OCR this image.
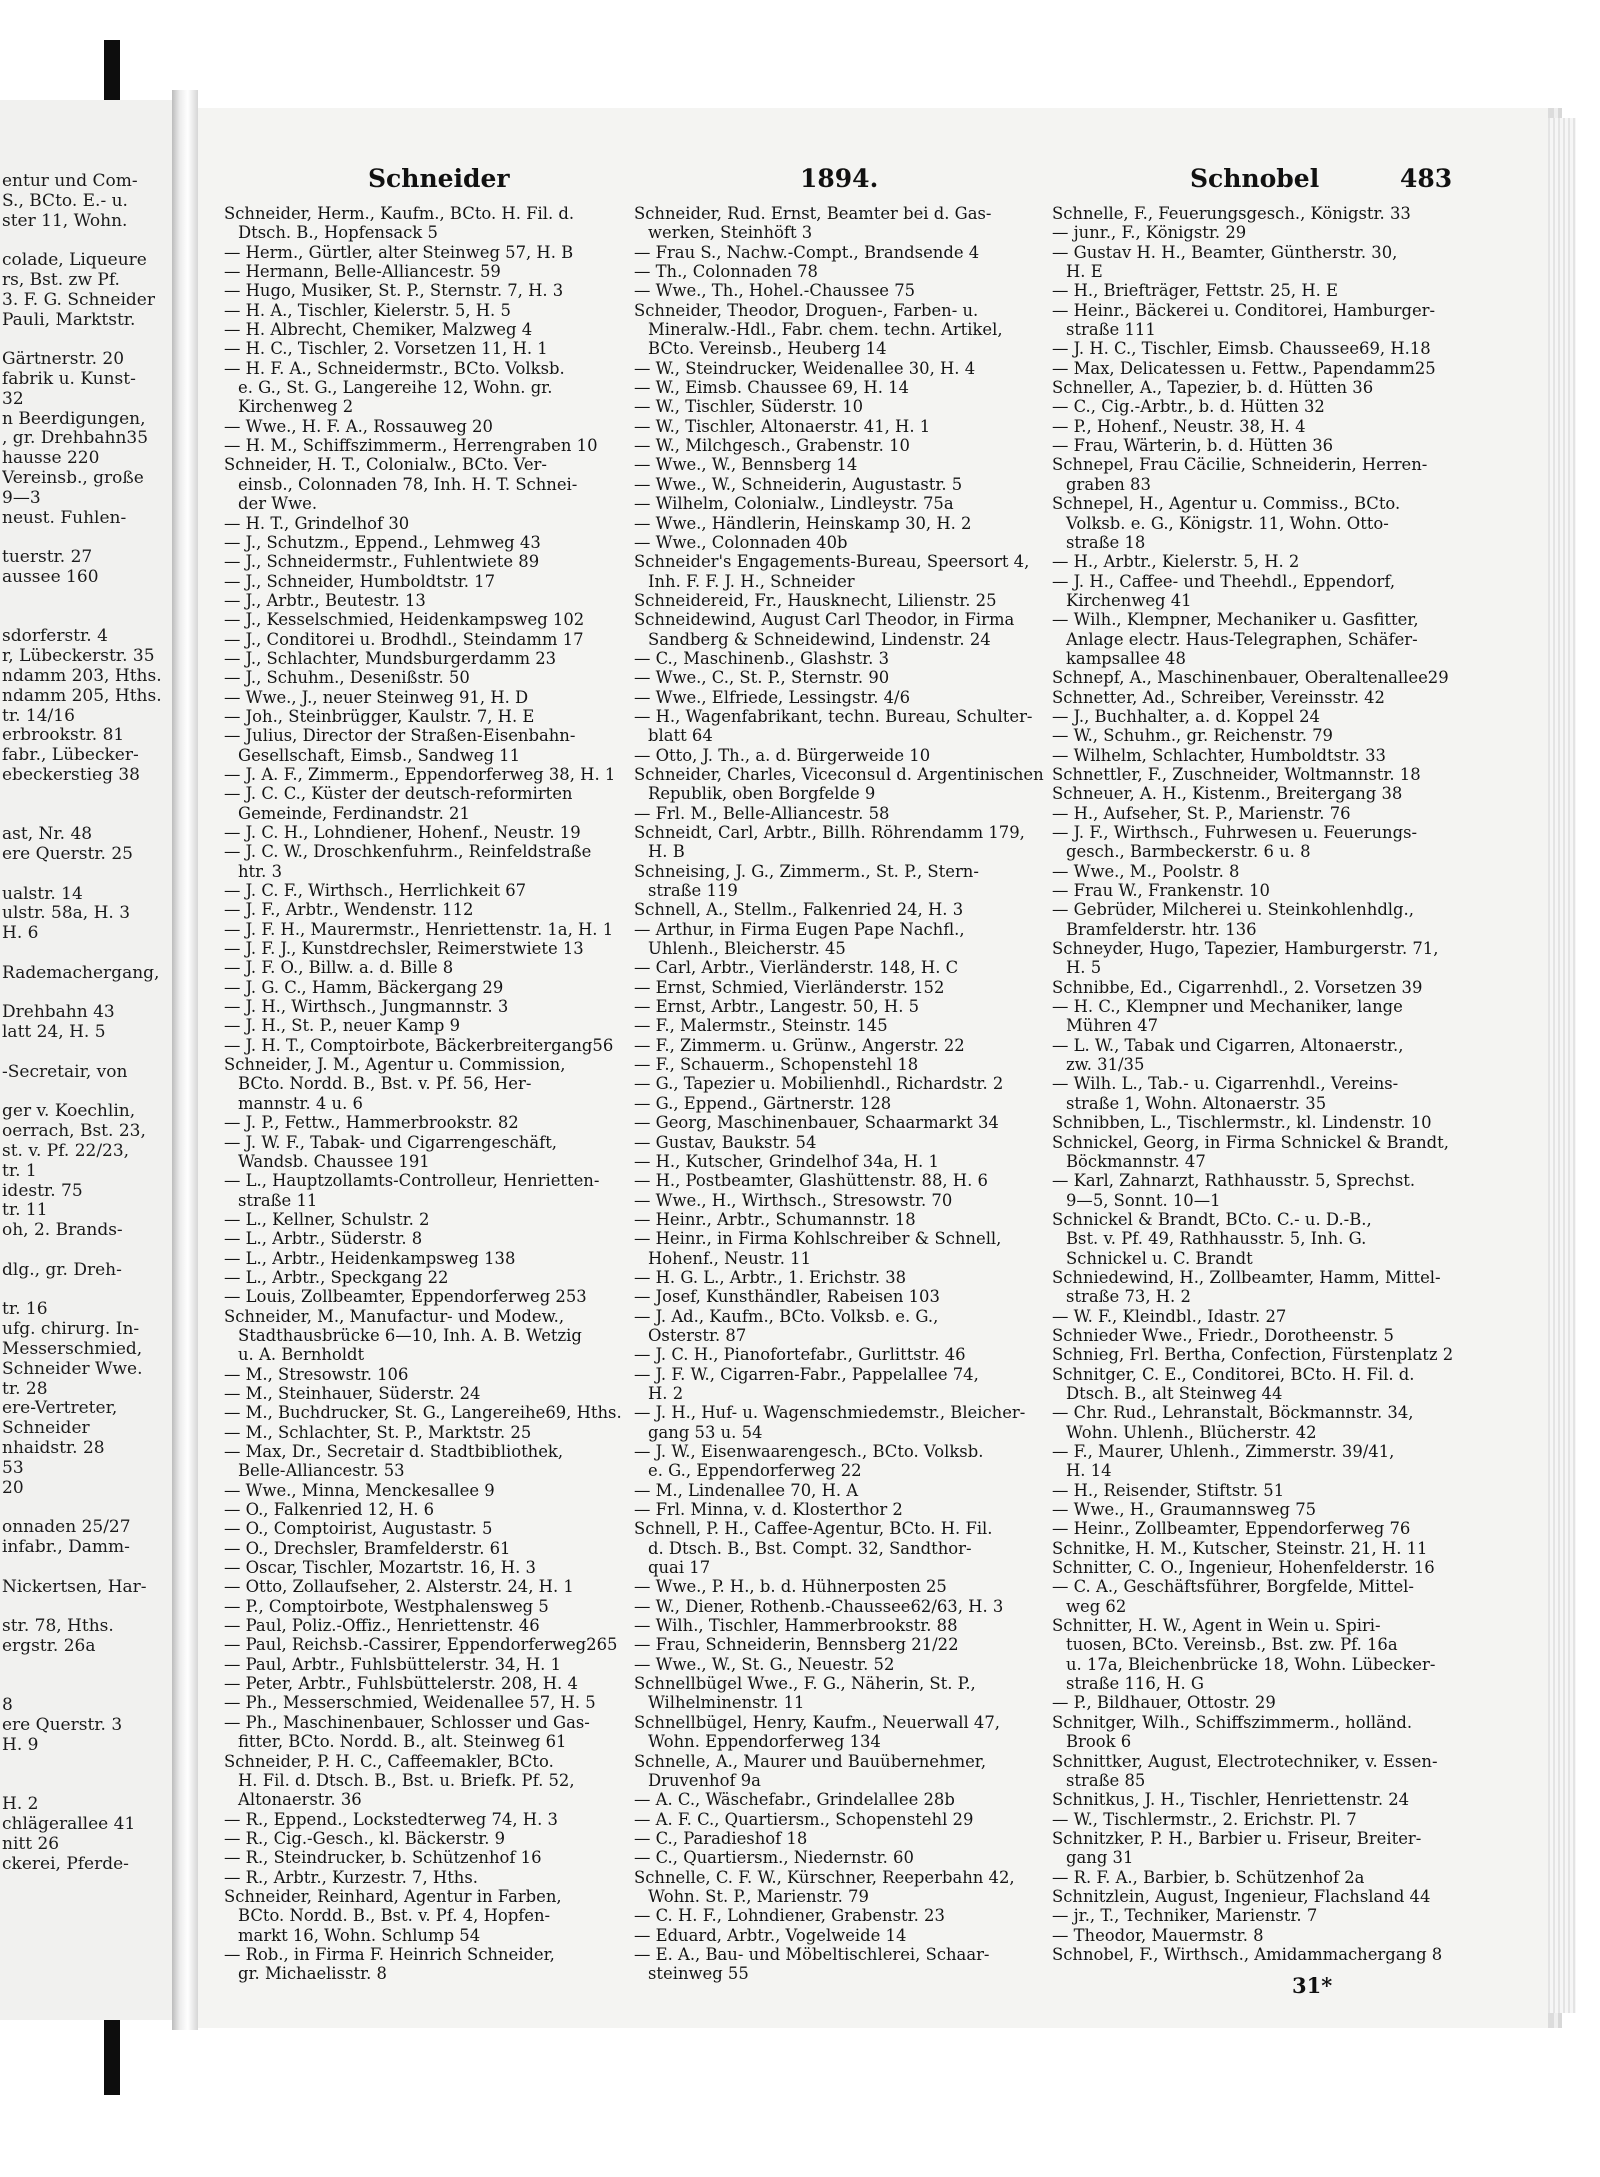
entur und Com-
S., BCto. E.- u.
ster 11, Wohn.
colade, Liqueure
rs, Bst. zw Pf.
3. F. G. Schneider
Pauli, Marktstr.
Gärtnerstr. 20
fabrik u. Kunst-
32
n Beerdigungen,
, gr. Drehbahn35
hausse 220
Vereinsb., große
9—3
neust. Fuhlen-
tuerstr. 27
aussee 160
sdorferstr. 4
r, Lübeckerstr. 35
ndamm 203, Hths.
ndamm 205, Hths.
tr. 14/16
erbrookstr. 81
fabr., Lübecker-
ebeckerstieg 38
ast, Nr. 48
ere Querstr. 25
ualstr. 14
ulstr. 58a, H. 3
H. 6
Rademachergang,
Drehbahn 43
latt 24, H. 5
-Secretair, von
ger v. Koechlin,
oerrach, Bst. 23,
st. v. Pf. 22/23,
tr. 1
idestr. 75
tr. 11
oh, 2. Brands-
dlg., gr. Dreh-
tr. 16
ufg. chirurg. In-
Messerschmied,
Schneider Wwe.
tr. 28
ere-Vertreter,
Schneider
nhaidstr. 28
53
20
onnaden 25/27
infabr., Damm-
Nickertsen, Har-
str. 78, Hths.
ergstr. 26a
8
ere Querstr. 3
H. 9
H. 2
chlägerallee 41
nitt 26
ckerei, Pferde-
Schneider	1894.	Schnobel	483
Schneider, Herm., Kaufm., BCto. H. Fil. d.
Dtsch. B., Hopfensack 5
— Herm., Gürtler, alter Steinweg 57, H. B
— Hermann, Belle-Alliancestr. 59
— Hugo, Musiker, St. P., Sternstr. 7, H. 3
— H. A., Tischler, Kielerstr. 5, H. 5
— H. Albrecht, Chemiker, Malzweg 4
— H. C., Tischler, 2. Vorsetzen 11, H. 1
— H. F. A., Schneidermstr., BCto. Volksb.
e. G., St. G., Langereihe 12, Wohn. gr.
Kirchenweg 2
— Wwe., H. F. A., Rossauweg 20
— H. M., Schiffszimmerm., Herrengraben 10
Schneider, H. T., Colonialw., BCto. Ver-
einsb., Colonnaden 78, Inh. H. T. Schnei-
der Wwe.
— H. T., Grindelhof 30
— J., Schutzm., Eppend., Lehmweg 43
— J., Schneidermstr., Fuhlentwiete 89
— J., Schneider, Humboldtstr. 17
— J., Arbtr., Beutestr. 13
— J., Kesselschmied, Heidenkampsweg 102
— J., Conditorei u. Brodhdl., Steindamm 17
— J., Schlachter, Mundsburgerdamm 23
— J., Schuhm., Desenißstr. 50
— Wwe., J., neuer Steinweg 91, H. D
— Joh., Steinbrügger, Kaulstr. 7, H. E
— Julius, Director der Straßen-Eisenbahn-
Gesellschaft, Eimsb., Sandweg 11
— J. A. F., Zimmerm., Eppendorferweg 38, H. 1
— J. C. C., Küster der deutsch-reformirten
Gemeinde, Ferdinandstr. 21
— J. C. H., Lohndiener, Hohenf., Neustr. 19
— J. C. W., Droschkenfuhrm., Reinfeldstraße
htr. 3
— J. C. F., Wirthsch., Herrlichkeit 67
— J. F., Arbtr., Wendenstr. 112
— J. F. H., Maurermstr., Henriettenstr. 1a, H. 1
— J. F. J., Kunstdrechsler, Reimerstwiete 13
— J. F. O., Billw. a. d. Bille 8
— J. G. C., Hamm, Bäckergang 29
— J. H., Wirthsch., Jungmannstr. 3
— J. H., St. P., neuer Kamp 9
— J. H. T., Comptoirbote, Bäckerbreitergang56
Schneider, J. M., Agentur u. Commission,
BCto. Nordd. B., Bst. v. Pf. 56, Her-
mannstr. 4 u. 6
— J. P., Fettw., Hammerbrookstr. 82
— J. W. F., Tabak- und Cigarrengeschäft,
Wandsb. Chaussee 191
— L., Hauptzollamts-Controlleur, Henrietten-
straße 11
— L., Kellner, Schulstr. 2
— L., Arbtr., Süderstr. 8
— L., Arbtr., Heidenkampsweg 138
— L., Arbtr., Speckgang 22
— Louis, Zollbeamter, Eppendorferweg 253
Schneider, M., Manufactur- und Modew.,
Stadthausbrücke 6—10, Inh. A. B. Wetzig
u. A. Bernholdt
— M., Stresowstr. 106
— M., Steinhauer, Süderstr. 24
— M., Buchdrucker, St. G., Langereihe69, Hths.
— M., Schlachter, St. P., Marktstr. 25
— Max, Dr., Secretair d. Stadtbibliothek,
Belle-Alliancestr. 53
— Wwe., Minna, Menckesallee 9
— O., Falkenried 12, H. 6
— O., Comptoirist, Augustastr. 5
— O., Drechsler, Bramfelderstr. 61
— Oscar, Tischler, Mozartstr. 16, H. 3
— Otto, Zollaufseher, 2. Alsterstr. 24, H. 1
— P., Comptoirbote, Westphalensweg 5
— Paul, Poliz.-Offiz., Henriettenstr. 46
— Paul, Reichsb.-Cassirer, Eppendorferweg265
— Paul, Arbtr., Fuhlsbüttelerstr. 34, H. 1
— Peter, Arbtr., Fuhlsbüttelerstr. 208, H. 4
— Ph., Messerschmied, Weidenallee 57, H. 5
— Ph., Maschinenbauer, Schlosser und Gas-
fitter, BCto. Nordd. B., alt. Steinweg 61
Schneider, P. H. C., Caffeemakler, BCto.
H. Fil. d. Dtsch. B., Bst. u. Briefk. Pf. 52,
Altonaerstr. 36
— R., Eppend., Lockstedterweg 74, H. 3
— R., Cig.-Gesch., kl. Bäckerstr. 9
— R., Steindrucker, b. Schützenhof 16
— R., Arbtr., Kurzestr. 7, Hths.
Schneider, Reinhard, Agentur in Farben,
BCto. Nordd. B., Bst. v. Pf. 4, Hopfen-
markt 16, Wohn. Schlump 54
— Rob., in Firma F. Heinrich Schneider,
gr. Michaelisstr. 8
Schneider, Rud. Ernst, Beamter bei d. Gas-
werken, Steinhöft 3
— Frau S., Nachw.-Compt., Brandsende 4
— Th., Colonnaden 78
— Wwe., Th., Hohel.-Chaussee 75
Schneider, Theodor, Droguen-, Farben- u.
Mineralw.-Hdl., Fabr. chem. techn. Artikel,
BCto. Vereinsb., Heuberg 14
— W., Steindrucker, Weidenallee 30, H. 4
— W., Eimsb. Chaussee 69, H. 14
— W., Tischler, Süderstr. 10
— W., Tischler, Altonaerstr. 41, H. 1
— W., Milchgesch., Grabenstr. 10
— Wwe., W., Bennsberg 14
— Wwe., W., Schneiderin, Augustastr. 5
— Wilhelm, Colonialw., Lindleystr. 75a
— Wwe., Händlerin, Heinskamp 30, H. 2
— Wwe., Colonnaden 40b
Schneider's Engagements-Bureau, Speersort 4,
Inh. F. F. J. H., Schneider
Schneidereid, Fr., Hausknecht, Lilienstr. 25
Schneidewind, August Carl Theodor, in Firma
Sandberg & Schneidewind, Lindenstr. 24
— C., Maschinenb., Glashstr. 3
— Wwe., C., St. P., Sternstr. 90
— Wwe., Elfriede, Lessingstr. 4/6
— H., Wagenfabrikant, techn. Bureau, Schulter-
blatt 64
— Otto, J. Th., a. d. Bürgerweide 10
Schneider, Charles, Viceconsul d. Argentinischen
Republik, oben Borgfelde 9
— Frl. M., Belle-Alliancestr. 58
Schneidt, Carl, Arbtr., Billh. Röhrendamm 179,
H. B
Schneising, J. G., Zimmerm., St. P., Stern-
straße 119
Schnell, A., Stellm., Falkenried 24, H. 3
— Arthur, in Firma Eugen Pape Nachfl.,
Uhlenh., Bleicherstr. 45
— Carl, Arbtr., Vierländerstr. 148, H. C
— Ernst, Schmied, Vierländerstr. 152
— Ernst, Arbtr., Langestr. 50, H. 5
— F., Malermstr., Steinstr. 145
— F., Zimmerm. u. Grünw., Angerstr. 22
— F., Schauerm., Schopenstehl 18
— G., Tapezier u. Mobilienhdl., Richardstr. 2
— G., Eppend., Gärtnerstr. 128
— Georg, Maschinenbauer, Schaarmarkt 34
— Gustav, Baukstr. 54
— H., Kutscher, Grindelhof 34a, H. 1
— H., Postbeamter, Glashüttenstr. 88, H. 6
— Wwe., H., Wirthsch., Stresowstr. 70
— Heinr., Arbtr., Schumannstr. 18
— Heinr., in Firma Kohlschreiber & Schnell,
Hohenf., Neustr. 11
— H. G. L., Arbtr., 1. Erichstr. 38
— Josef, Kunsthändler, Rabeisen 103
— J. Ad., Kaufm., BCto. Volksb. e. G.,
Osterstr. 87
— J. C. H., Pianofortefabr., Gurlittstr. 46
— J. F. W., Cigarren-Fabr., Pappelallee 74,
H. 2
— J. H., Huf- u. Wagenschmiedemstr., Bleicher-
gang 53 u. 54
— J. W., Eisenwaarengesch., BCto. Volksb.
e. G., Eppendorferweg 22
— M., Lindenallee 70, H. A
— Frl. Minna, v. d. Klosterthor 2
Schnell, P. H., Caffee-Agentur, BCto. H. Fil.
d. Dtsch. B., Bst. Compt. 32, Sandthor-
quai 17
— Wwe., P. H., b. d. Hühnerposten 25
— W., Diener, Rothenb.-Chaussee62/63, H. 3
— Wilh., Tischler, Hammerbrookstr. 88
— Frau, Schneiderin, Bennsberg 21/22
— Wwe., W., St. G., Neuestr. 52
Schnellbügel Wwe., F. G., Näherin, St. P.,
Wilhelminenstr. 11
Schnellbügel, Henry, Kaufm., Neuerwall 47,
Wohn. Eppendorferweg 134
Schnelle, A., Maurer und Bauübernehmer,
Druvenhof 9a
— A. C., Wäschefabr., Grindelallee 28b
— A. F. C., Quartiersm., Schopenstehl 29
— C., Paradieshof 18
— C., Quartiersm., Niedernstr. 60
Schnelle, C. F. W., Kürschner, Reeperbahn 42,
Wohn. St. P., Marienstr. 79
— C. H. F., Lohndiener, Grabenstr. 23
— Eduard, Arbtr., Vogelweide 14
— E. A., Bau- und Möbeltischlerei, Schaar-
steinweg 55
Schnelle, F., Feuerungsgesch., Königstr. 33
— junr., F., Königstr. 29
— Gustav H. H., Beamter, Güntherstr. 30,
H. E
— H., Briefträger, Fettstr. 25, H. E
— Heinr., Bäckerei u. Conditorei, Hamburger-
straße 111
— J. H. C., Tischler, Eimsb. Chaussee69, H.18
— Max, Delicatessen u. Fettw., Papendamm25
Schneller, A., Tapezier, b. d. Hütten 36
— C., Cig.-Arbtr., b. d. Hütten 32
— P., Hohenf., Neustr. 38, H. 4
— Frau, Wärterin, b. d. Hütten 36
Schnepel, Frau Cäcilie, Schneiderin, Herren-
graben 83
Schnepel, H., Agentur u. Commiss., BCto.
Volksb. e. G., Königstr. 11, Wohn. Otto-
straße 18
— H., Arbtr., Kielerstr. 5, H. 2
— J. H., Caffee- und Theehdl., Eppendorf,
Kirchenweg 41
— Wilh., Klempner, Mechaniker u. Gasfitter,
Anlage electr. Haus-Telegraphen, Schäfer-
kampsallee 48
Schnepf, A., Maschinenbauer, Oberaltenallee29
Schnetter, Ad., Schreiber, Vereinsstr. 42
— J., Buchhalter, a. d. Koppel 24
— W., Schuhm., gr. Reichenstr. 79
— Wilhelm, Schlachter, Humboldtstr. 33
Schnettler, F., Zuschneider, Woltmannstr. 18
Schneuer, A. H., Kistenm., Breitergang 38
— H., Aufseher, St. P., Marienstr. 76
— J. F., Wirthsch., Fuhrwesen u. Feuerungs-
gesch., Barmbeckerstr. 6 u. 8
— Wwe., M., Poolstr. 8
— Frau W., Frankenstr. 10
— Gebrüder, Milcherei u. Steinkohlenhdlg.,
Bramfelderstr. htr. 136
Schneyder, Hugo, Tapezier, Hamburgerstr. 71,
H. 5
Schnibbe, Ed., Cigarrenhdl., 2. Vorsetzen 39
— H. C., Klempner und Mechaniker, lange
Mühren 47
— L. W., Tabak und Cigarren, Altonaerstr.,
zw. 31/35
— Wilh. L., Tab.- u. Cigarrenhdl., Vereins-
straße 1, Wohn. Altonaerstr. 35
Schnibben, L., Tischlermstr., kl. Lindenstr. 10
Schnickel, Georg, in Firma Schnickel & Brandt,
Böckmannstr. 47
— Karl, Zahnarzt, Rathhausstr. 5, Sprechst.
9—5, Sonnt. 10—1
Schnickel & Brandt, BCto. C.- u. D.-B.,
Bst. v. Pf. 49, Rathhausstr. 5, Inh. G.
Schnickel u. C. Brandt
Schniedewind, H., Zollbeamter, Hamm, Mittel-
straße 73, H. 2
— W. F., Kleindbl., Idastr. 27
Schnieder Wwe., Friedr., Dorotheenstr. 5
Schnieg, Frl. Bertha, Confection, Fürstenplatz 2
Schnitger, C. E., Conditorei, BCto. H. Fil. d.
Dtsch. B., alt Steinweg 44
— Chr. Rud., Lehranstalt, Böckmannstr. 34,
Wohn. Uhlenh., Blücherstr. 42
— F., Maurer, Uhlenh., Zimmerstr. 39/41,
H. 14
— H., Reisender, Stiftstr. 51
— Wwe., H., Graumannsweg 75
— Heinr., Zollbeamter, Eppendorferweg 76
Schnitke, H. M., Kutscher, Steinstr. 21, H. 11
Schnitter, C. O., Ingenieur, Hohenfelderstr. 16
— C. A., Geschäftsführer, Borgfelde, Mittel-
weg 62
Schnitter, H. W., Agent in Wein u. Spiri-
tuosen, BCto. Vereinsb., Bst. zw. Pf. 16a
u. 17a, Bleichenbrücke 18, Wohn. Lübecker-
straße 116, H. G
— P., Bildhauer, Ottostr. 29
Schnitger, Wilh., Schiffszimmerm., holländ.
Brook 6
Schnittker, August, Electrotechniker, v. Essen-
straße 85
Schnitkus, J. H., Tischler, Henriettenstr. 24
— W., Tischlermstr., 2. Erichstr. Pl. 7
Schnitzker, P. H., Barbier u. Friseur, Breiter-
gang 31
— R. F. A., Barbier, b. Schützenhof 2a
Schnitzlein, August, Ingenieur, Flachsland 44
— jr., T., Techniker, Marienstr. 7
— Theodor, Mauermstr. 8
Schnobel, F., Wirthsch., Amidammachergang 8
31*
